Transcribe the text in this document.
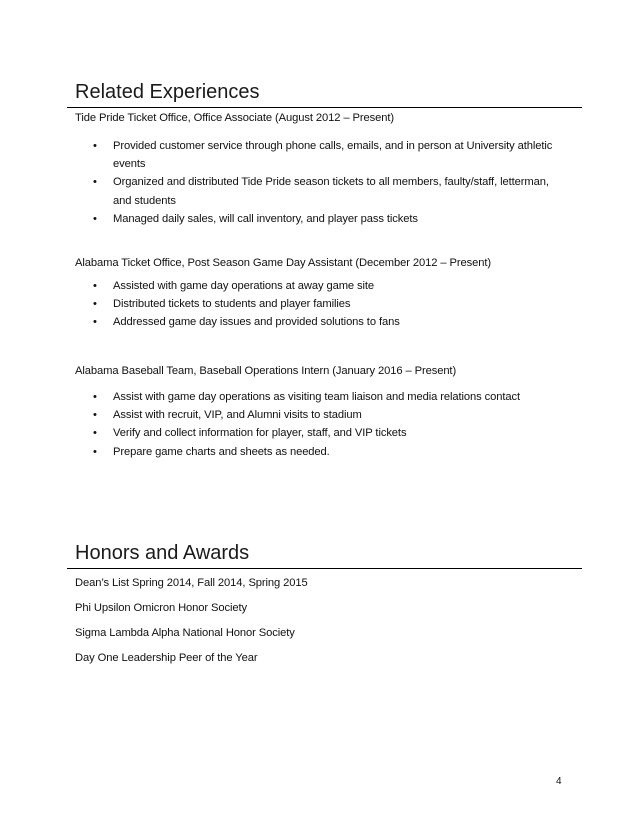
Related Experiences
Tide Pride Ticket Office, Office Associate (August 2012 – Present)
• Provided customer service through phone calls, emails, and in person at University athletic events
• Organized and distributed Tide Pride season tickets to all members, faulty/staff, letterman, and students
• Managed daily sales, will call inventory, and player pass tickets
Alabama Ticket Office, Post Season Game Day Assistant (December 2012 – Present)
• Assisted with game day operations at away game site
• Distributed tickets to students and player families
• Addressed game day issues and provided solutions to fans
Alabama Baseball Team, Baseball Operations Intern (January 2016 – Present)
• Assist with game day operations as visiting team liaison and media relations contact
• Assist with recruit, VIP, and Alumni visits to stadium
• Verify and collect information for player, staff, and VIP tickets
• Prepare game charts and sheets as needed.
Honors and Awards
Dean’s List Spring 2014, Fall 2014, Spring 2015
Phi Upsilon Omicron Honor Society
Sigma Lambda Alpha National Honor Society
Day One Leadership Peer of the Year
4
